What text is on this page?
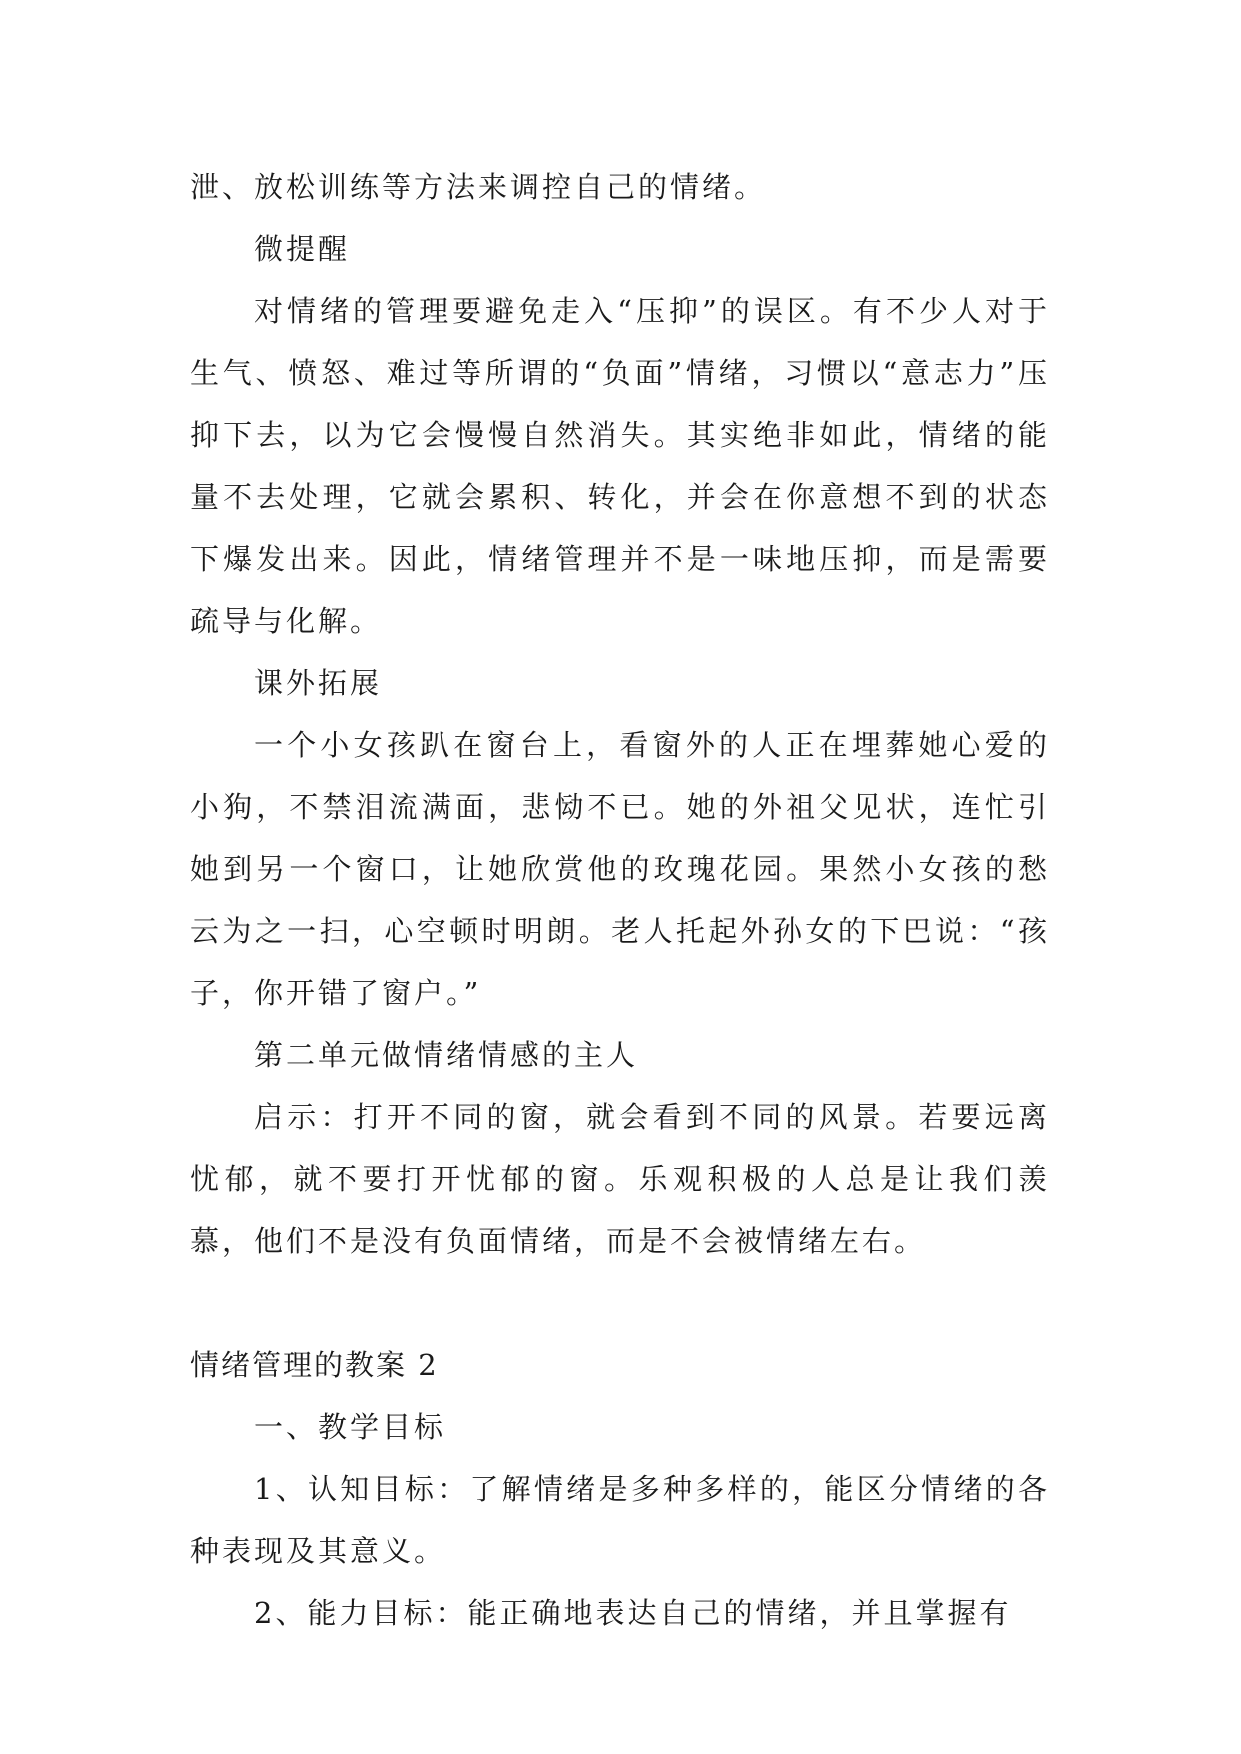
泄、放松训练等方法来调控自己的情绪。

微提醒

对情绪的管理要避免走入“压抑”的误区。有不少人对于生气、愤怒、难过等所谓的“负面”情绪，习惯以“意志力”压抑下去，以为它会慢慢自然消失。其实绝非如此，情绪的能量不去处理，它就会累积、转化，并会在你意想不到的状态下爆发出来。因此，情绪管理并不是一味地压抑，而是需要疏导与化解。

课外拓展

一个小女孩趴在窗台上，看窗外的人正在埋葬她心爱的小狗，不禁泪流满面，悲恸不已。她的外祖父见状，连忙引她到另一个窗口，让她欣赏他的玫瑰花园。果然小女孩的愁云为之一扫，心空顿时明朗。老人托起外孙女的下巴说：“孩子，你开错了窗户。”

第二单元做情绪情感的主人

启示：打开不同的窗，就会看到不同的风景。若要远离忧郁，就不要打开忧郁的窗。乐观积极的人总是让我们羡慕，他们不是没有负面情绪，而是不会被情绪左右。

情绪管理的教案 2

一、教学目标

1、认知目标：了解情绪是多种多样的，能区分情绪的各种表现及其意义。

2、能力目标：能正确地表达自己的情绪，并且掌握有
